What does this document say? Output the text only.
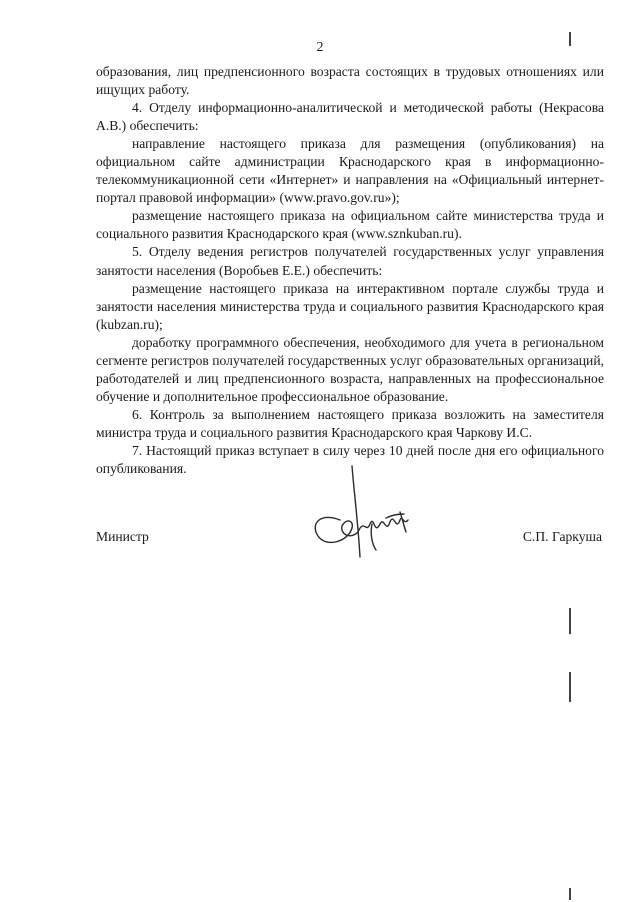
2

образования, лиц предпенсионного возраста состоящих в трудовых отношениях или ищущих работу.

4. Отделу информационно-аналитической и методической работы (Некрасова А.В.) обеспечить:

направление настоящего приказа для размещения (опубликования) на официальном сайте администрации Краснодарского края в информационно-телекоммуникационной сети «Интернет» и направления на «Официальный интернет-портал правовой информации» (www.pravo.gov.ru»);

размещение настоящего приказа на официальном сайте министерства труда и социального развития Краснодарского края (www.sznkuban.ru).

5. Отделу ведения регистров получателей государственных услуг управления занятости населения (Воробьев Е.Е.) обеспечить:

размещение настоящего приказа на интерактивном портале службы труда и занятости населения министерства труда и социального развития Краснодарского края (kubzan.ru);

доработку программного обеспечения, необходимого для учета в региональном сегменте регистров получателей государственных услуг образовательных организаций, работодателей и лиц предпенсионного возраста, направленных на профессиональное обучение и дополнительное профессиональное образование.

6. Контроль за выполнением настоящего приказа возложить на заместителя министра труда и социального развития Краснодарского края Чаркову И.С.

7. Настоящий приказ вступает в силу через 10 дней после дня его официального опубликования.

Министр	С.П. Гаркуша
